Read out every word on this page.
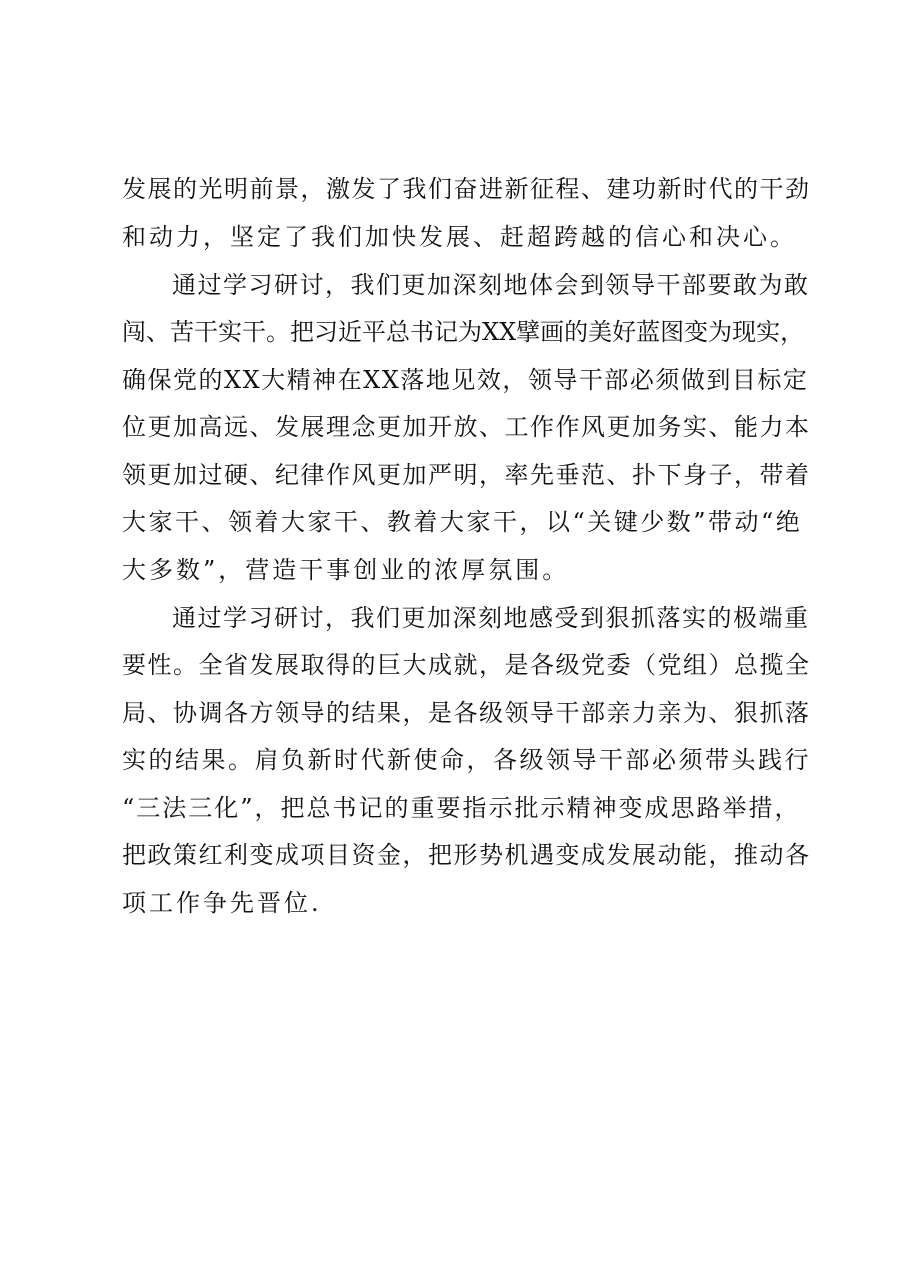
发展的光明前景，激发了我们奋进新征程、建功新时代的干劲
和动力，坚定了我们加快发展、赶超跨越的信心和决心。
通过学习研讨，我们更加深刻地体会到领导干部要敢为敢
闯、苦干实干。把习近平总书记为XX擘画的美好蓝图变为现实，
确保党的XX大精神在XX落地见效，领导干部必须做到目标定
位更加高远、发展理念更加开放、工作作风更加务实、能力本
领更加过硬、纪律作风更加严明，率先垂范、扑下身子，带着
大家干、领着大家干、教着大家干，以“关键少数”带动“绝
大多数”，营造干事创业的浓厚氛围。
通过学习研讨，我们更加深刻地感受到狠抓落实的极端重
要性。全省发展取得的巨大成就，是各级党委（党组）总揽全
局、协调各方领导的结果，是各级领导干部亲力亲为、狠抓落
实的结果。肩负新时代新使命，各级领导干部必须带头践行
“三法三化”，把总书记的重要指示批示精神变成思路举措，
把政策红利变成项目资金，把形势机遇变成发展动能，推动各
项工作争先晋位.
